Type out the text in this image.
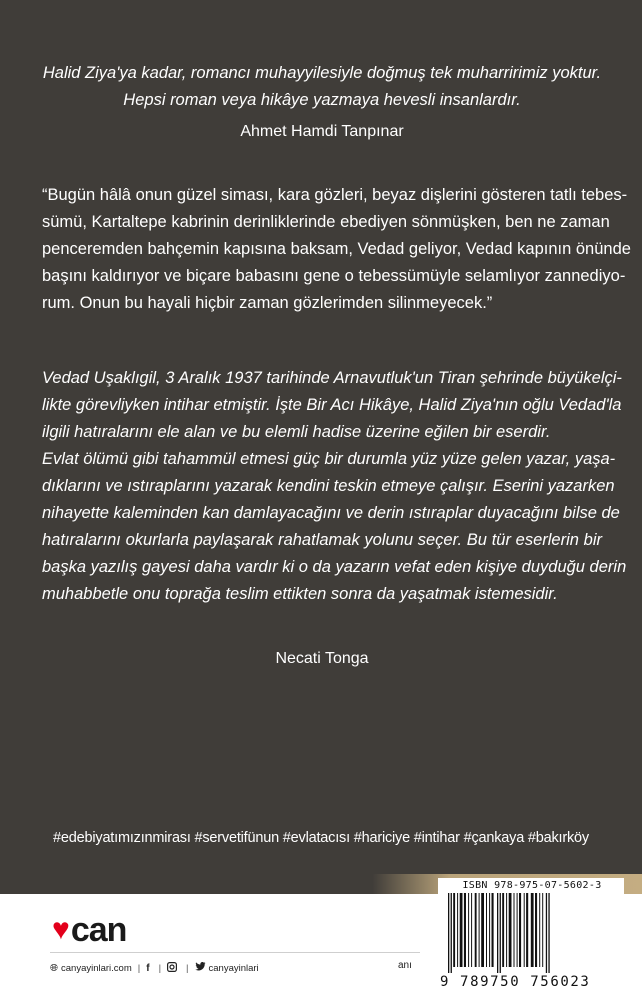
Halid Ziya'ya kadar, romancı muhayyilesiyle doğmuş tek muharririmiz yoktur.
Hepsi roman veya hikâye yazmaya hevesli insanlardır.
Ahmet Hamdi Tanpınar
“Bugün hâlâ onun güzel siması, kara gözleri, beyaz dişlerini gösteren tatlı tebes-
sümü, Kartaltepe kabrinin derinliklerinde ebediyen sönmüşken, ben ne zaman
penceremden bahçemin kapısına baksam, Vedad geliyor, Vedad kapının önünde
başını kaldırıyor ve biçare babasını gene o tebessümüyle selamlıyor zannediyo-
rum. Onun bu hayali hiçbir zaman gözlerimden silinmeyecek.”
Vedad Uşaklıgil, 3 Aralık 1937 tarihinde Arnavutluk'un Tiran şehrinde büyükelçi-
likte görevliyken intihar etmiştir. İşte Bir Acı Hikâye, Halid Ziya'nın oğlu Vedad'la
ilgili hatıralarını ele alan ve bu elemli hadise üzerine eğilen bir eserdir.
Evlat ölümü gibi tahammül etmesi güç bir durumla yüz yüze gelen yazar, yaşa-
dıklarını ve ıstıraplarını yazarak kendini teskin etmeye çalışır. Eserini yazarken
nihayette kaleminden kan damlayacağını ve derin ıstıraplar duyacağını bilse de
hatıralarını okurlarla paylaşarak rahatlamak yolunu seçer. Bu tür eserlerin bir
başka yazılış gayesi daha vardır ki o da yazarın vefat eden kişiye duyduğu derin
muhabbetle onu toprağa teslim ettikten sonra da yaşatmak istemesidir.
Necati Tonga
#edebiyatımızınmirası #servetifünun #evlatacısı #hariciye #intihar #çankaya #bakırköy
♥ can
🌐︎ canyayinlari.com | f |	| canyayinlari	anı
ISBN 978-975-07-5602-3
9 789750 756023
